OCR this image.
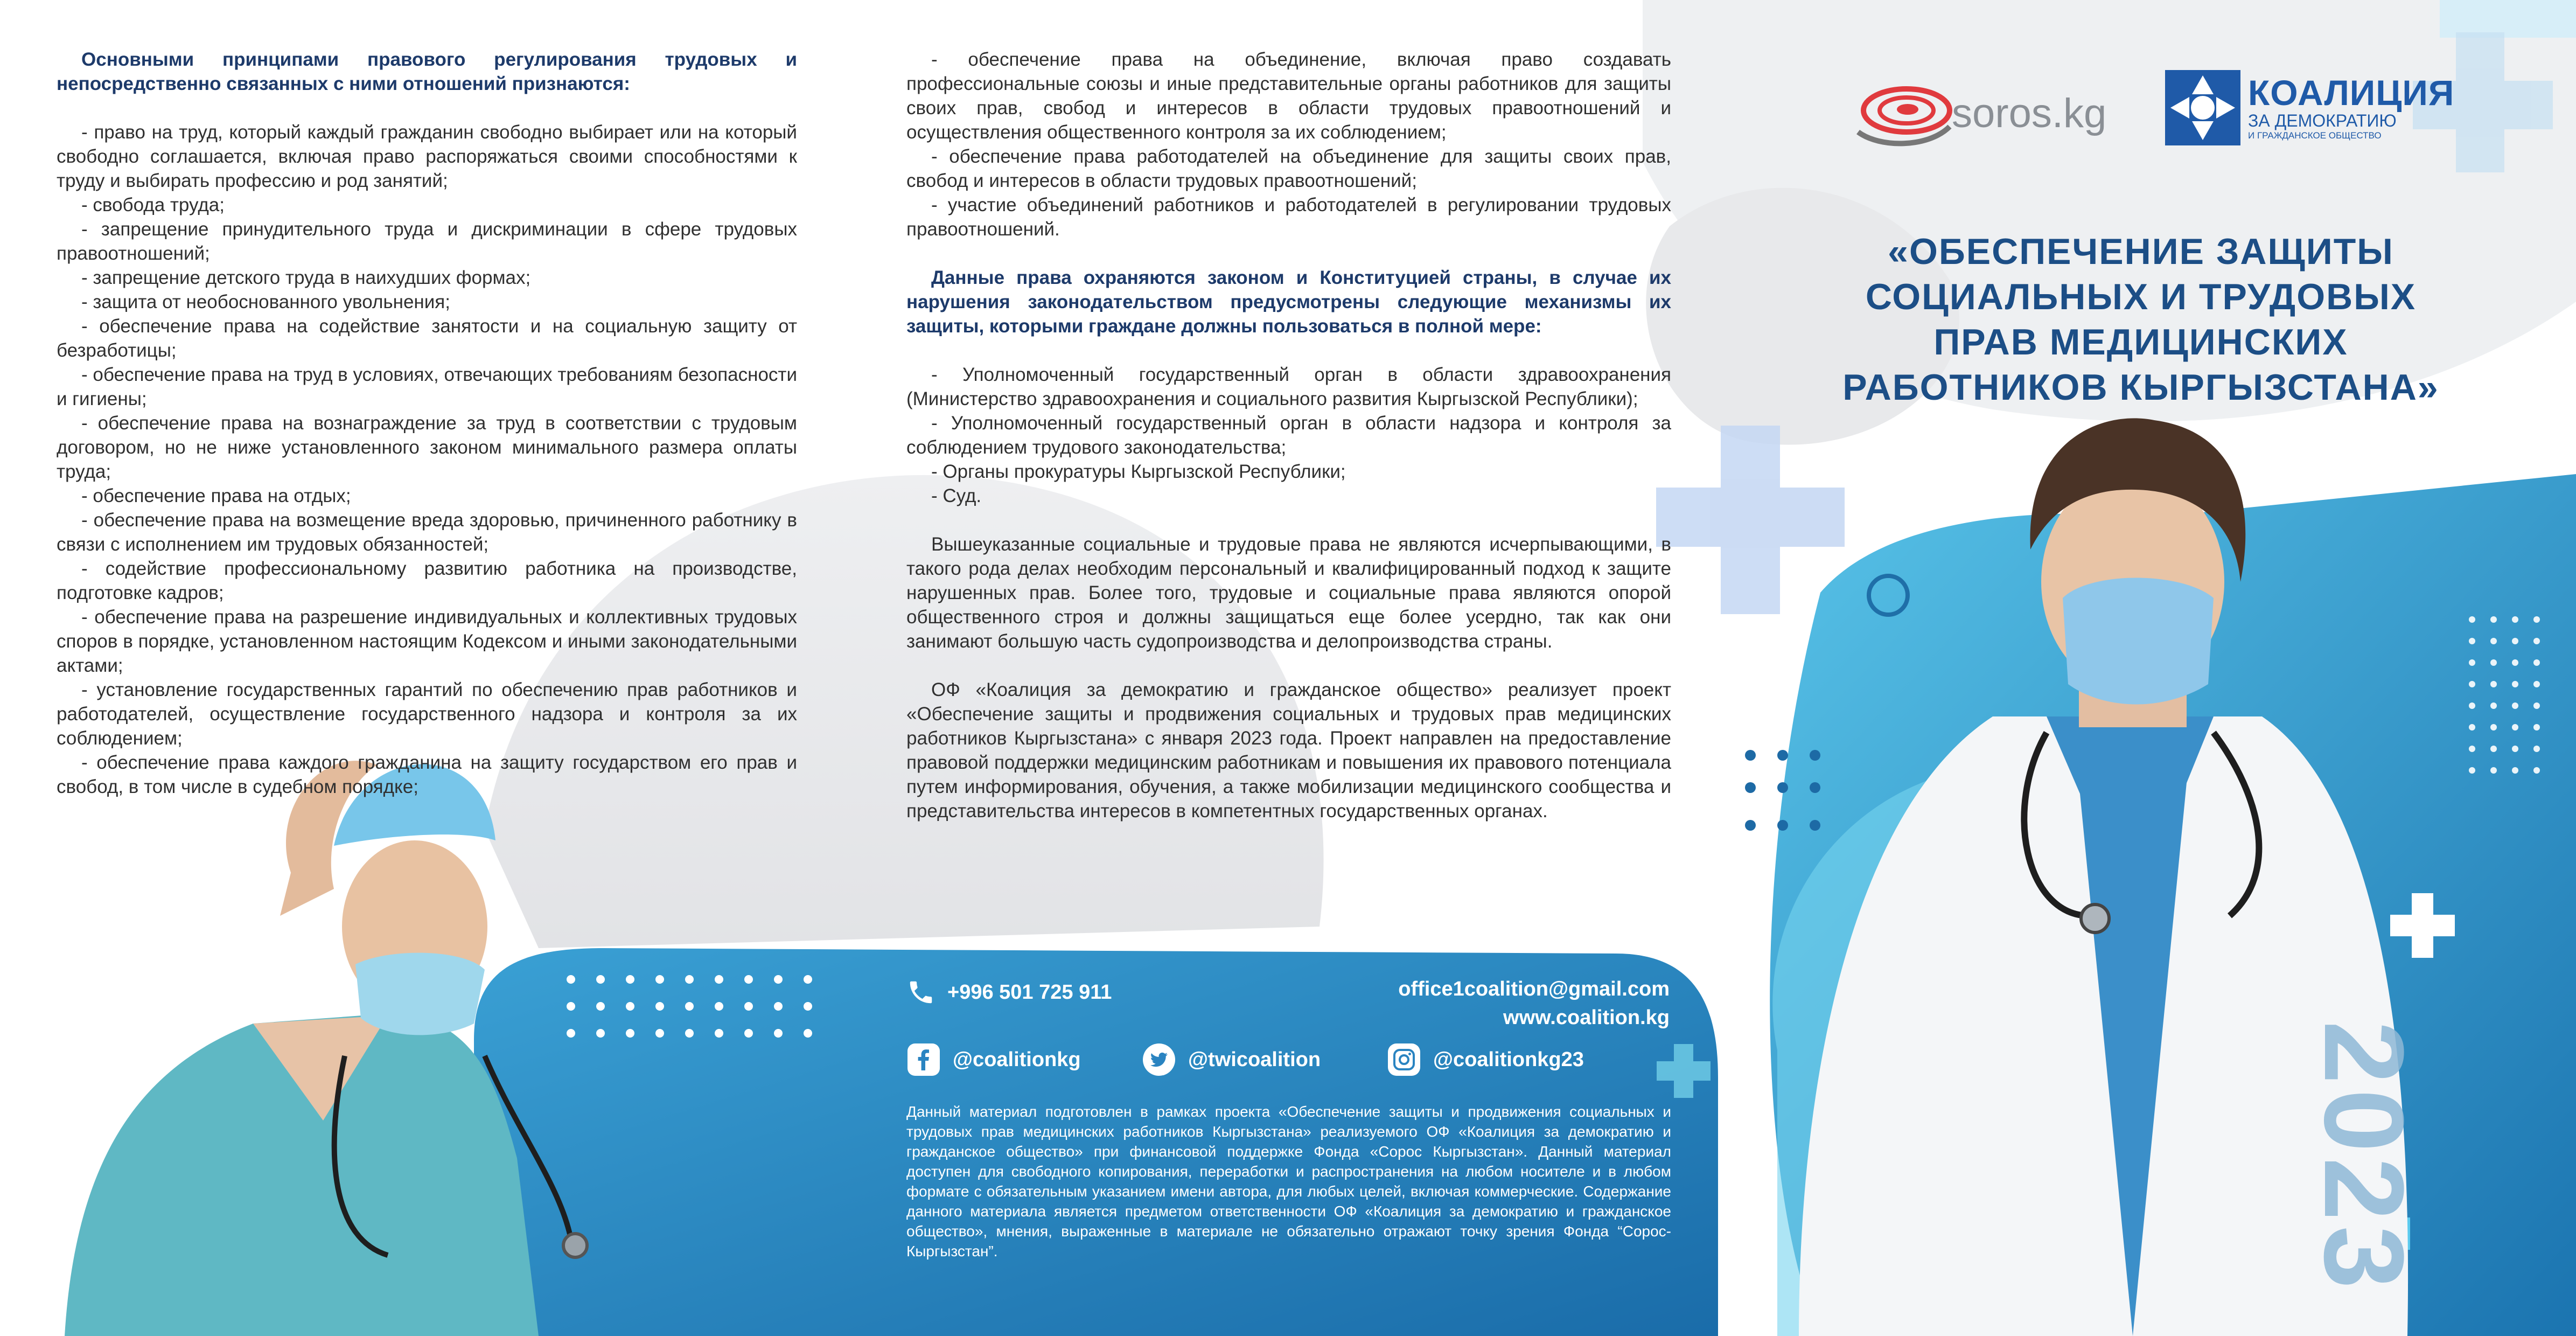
Основными принципами правового регулирования трудовых и непосредственно связанных с ними отношений признаются:

- право на труд, который каждый гражданин свободно выбирает или на который свободно соглашается, включая право распоряжаться своими способностями к труду и выбирать профессию и род занятий;

- свобода труда;

- запрещение принудительного труда и дискриминации в сфере трудовых правоотношений;

- запрещение детского труда в наихудших формах;

- защита от необоснованного увольнения;

- обеспечение права на содействие занятости и на социальную защиту от безработицы;

- обеспечение права на труд в условиях, отвечающих требованиям безопасности и гигиены;

- обеспечение права на вознаграждение за труд в соответствии с трудовым договором, но не ниже установленного законом минимального размера оплаты труда;

- обеспечение права на отдых;

- обеспечение права на возмещение вреда здоровью, причиненного работнику в связи с исполнением им трудовых обязанностей;

- содействие профессиональному развитию работника на производстве, подготовке кадров;

- обеспечение права на разрешение индивидуальных и коллективных трудовых споров в порядке, установленном настоящим Кодексом и иными законодательными актами;

- установление государственных гарантий по обеспечению прав работников и работодателей, осуществление государственного надзора и контроля за их соблюдением;

- обеспечение права каждого гражданина на защиту государством его прав и свобод, в том числе в судебном порядке;

- обеспечение права на объединение, включая право создавать профессиональные союзы и иные представительные органы работников для защиты своих прав, свобод и интересов в области трудовых правоотношений и осуществления общественного контроля за их соблюдением;

- обеспечение права работодателей на объединение для защиты своих прав, свобод и интересов в области трудовых правоотношений;

- участие объединений работников и работодателей в регулировании трудовых правоотношений.

Данные права охраняются законом и Конституцией страны, в случае их нарушения законодательством предусмотрены следующие механизмы их защиты, которыми граждане должны пользоваться в полной мере:

- Уполномоченный государственный орган в области здравоохранения (Министерство здравоохранения и социального развития Кыргызской Республики);

- Уполномоченный государственный орган в области надзора и контроля за соблюдением трудового законодательства;

- Органы прокуратуры Кыргызской Республики;

- Суд.

Вышеуказанные социальные и трудовые права не являются исчерпывающими, в такого рода делах необходим персональный и квалифицированный подход к защите нарушенных прав. Более того, трудовые и социальные права являются опорой общественного строя и должны защищаться еще более усердно, так как они занимают большую часть судопроизводства и делопроизводства страны.

ОФ «Коалиция за демократию и гражданское общество» реализует проект «Обеспечение защиты и продвижения социальных и трудовых прав медицинских работников Кыргызстана» с января 2023 года. Проект направлен на предоставление правовой поддержки медицинским работникам и повышения их правового потенциала путем информирования, обучения, а также мобилизации медицинского сообщества и представительства интересов в компетентных государственных органах.

+996 501 725 911	office1coalition@gmail.com
www.coalition.kg
@coalitionkg	@twicoalition	@coalitionkg23
Данный материал подготовлен в рамках проекта «Обеспечение защиты и продвижения социальных и трудовых прав медицинских работников Кыргызстана» реализуемого ОФ «Коалиция за демократию и гражданское общество» при финансовой поддержке Фонда «Сорос Кыргызстан». Данный материал доступен для свободного копирования, переработки и распространения на любом носителе и в любом формате с обязательным указанием имени автора, для любых целей, включая коммерческие. Содержание данного материала является предметом ответственности ОФ «Коалиция за демократию и гражданское общество», мнения, выраженные в материале не обязательно отражают точку зрения Фонда “Сорос-Кыргызстан”.
soros.kg	КОАЛИЦИЯ
ЗА ДЕМОКРАТИЮ
И ГРАЖДАНСКОЕ ОБЩЕСТВО
«ОБЕСПЕЧЕНИЕ ЗАЩИТЫ
СОЦИАЛЬНЫХ И ТРУДОВЫХ
ПРАВ МЕДИЦИНСКИХ
РАБОТНИКОВ КЫРГЫЗСТАНА»
2023
